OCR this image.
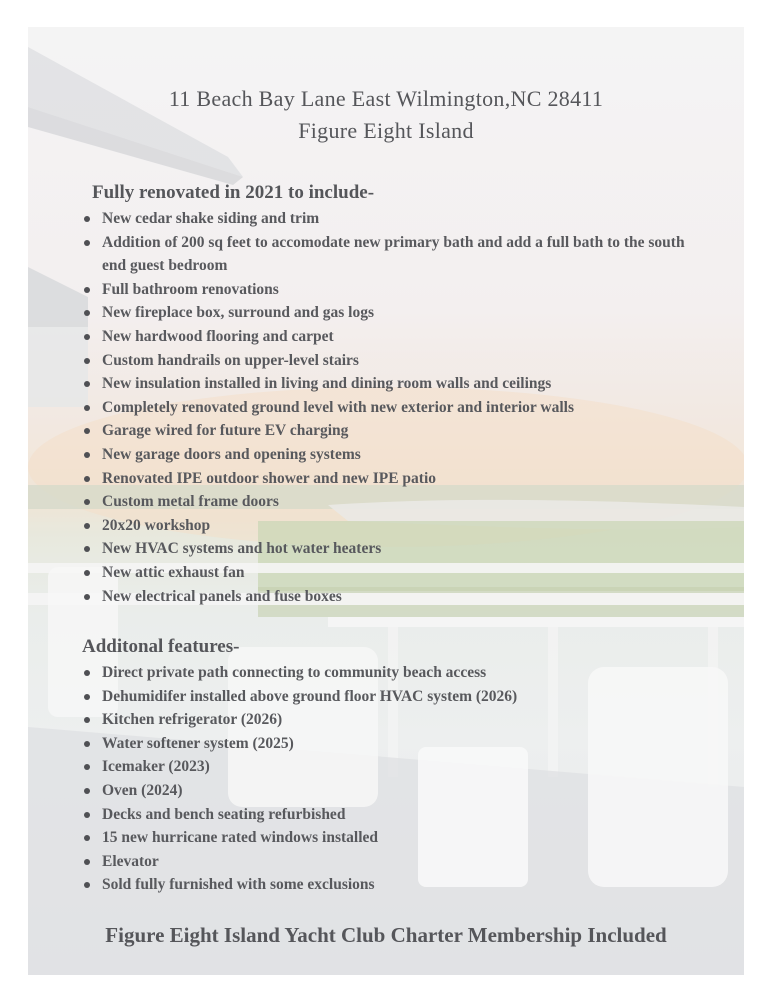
11 Beach Bay Lane East Wilmington,NC 28411
Figure Eight Island
Fully renovated in 2021 to include-
New cedar shake siding and trim
Addition of 200 sq feet to accomodate new primary bath and add a full bath to the south end guest bedroom
Full bathroom renovations
New fireplace box, surround and gas logs
New hardwood flooring and carpet
Custom handrails on upper-level stairs
New insulation installed in living and dining room walls and ceilings
Completely renovated ground level with new exterior and interior walls
Garage wired for future EV charging
New garage doors and opening systems
Renovated IPE outdoor shower and new IPE patio
Custom metal frame doors
20x20 workshop
New HVAC systems and hot water heaters
New attic exhaust fan
New electrical panels and fuse boxes
Additonal features-
Direct private path connecting to community beach access
Dehumidifer installed above ground floor HVAC system (2026)
Kitchen refrigerator (2026)
Water softener system (2025)
Icemaker (2023)
Oven (2024)
Decks and bench seating refurbished
15 new hurricane rated windows installed
Elevator
Sold fully furnished with some exclusions
Figure Eight Island Yacht Club Charter Membership Included
